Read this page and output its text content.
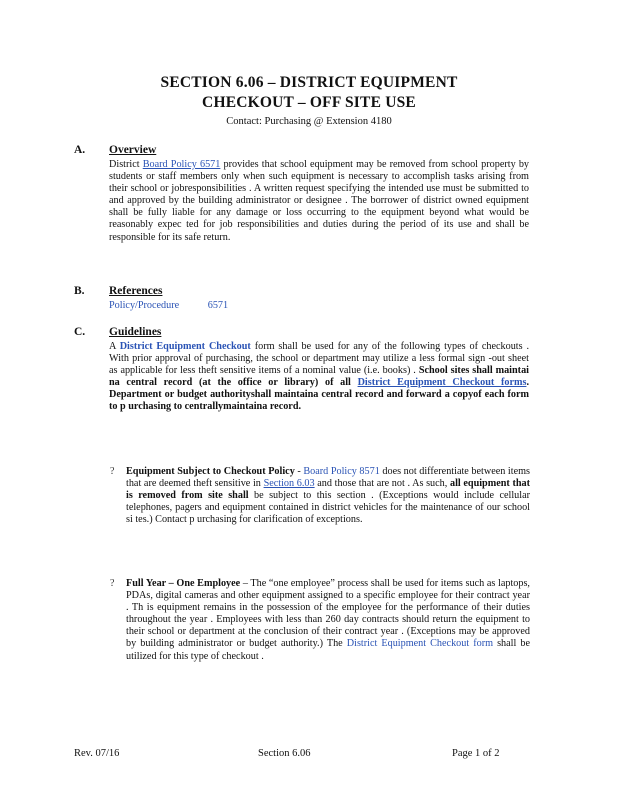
SECTION 6.06 – DISTRICT EQUIPMENT
CHECKOUT – OFF SITE USE
Contact: Purchasing @ Extension 4180
A. Overview
District Board Policy 6571 provides that school equipment may be removed from school property by students or staff members only when such equipment is necessary to accomplish tasks arising from their school or jobresponsibilities . A written request specifying the intended use must be submitted to and approved by the building administrator or designee . The borrower of district owned equipment shall be fully liable for any damage or loss occurring to the equipment beyond what would be reasonably expec ted for job responsibilities and duties during the period of its use and shall be responsible for its safe return.
B. References
Policy/Procedure	6571
C. Guidelines
A District Equipment Checkout form shall be used for any of the following types of checkouts . With prior approval of purchasing, the school or department may utilize a less formal sign -out sheet as applicable for less theft sensitive items of a nominal value (i.e. books) . School sites shall maintai na central record (at the office or library) of all District Equipment Checkout forms. Department or budget authorityshall maintaina central record and forward a copyof each form to p urchasing to centrallymaintaina record.
? Equipment Subject to Checkout Policy - Board Policy 8571 does not differentiate between items that are deemed theft sensitive in Section 6.03 and those that are not . As such, all equipment that is removed from site shall be subject to this section . (Exceptions would include cellular telephones, pagers and equipment contained in district vehicles for the maintenance of our school si tes.) Contact p urchasing for clarification of exceptions.
? Full Year – One Employee – The “one employee” process shall be used for items such as laptops, PDAs, digital cameras and other equipment assigned to a specific employee for their contract year . Th is equipment remains in the possession of the employee for the performance of their duties throughout the year . Employees with less than 260 day contracts should return the equipment to their school or department at the conclusion of their contract year . (Exceptions may be approved by building administrator or budget authority.) The District Equipment Checkout form shall be utilized for this type of checkout .
Rev. 07/16	Section 6.06	Page 1 of 2
